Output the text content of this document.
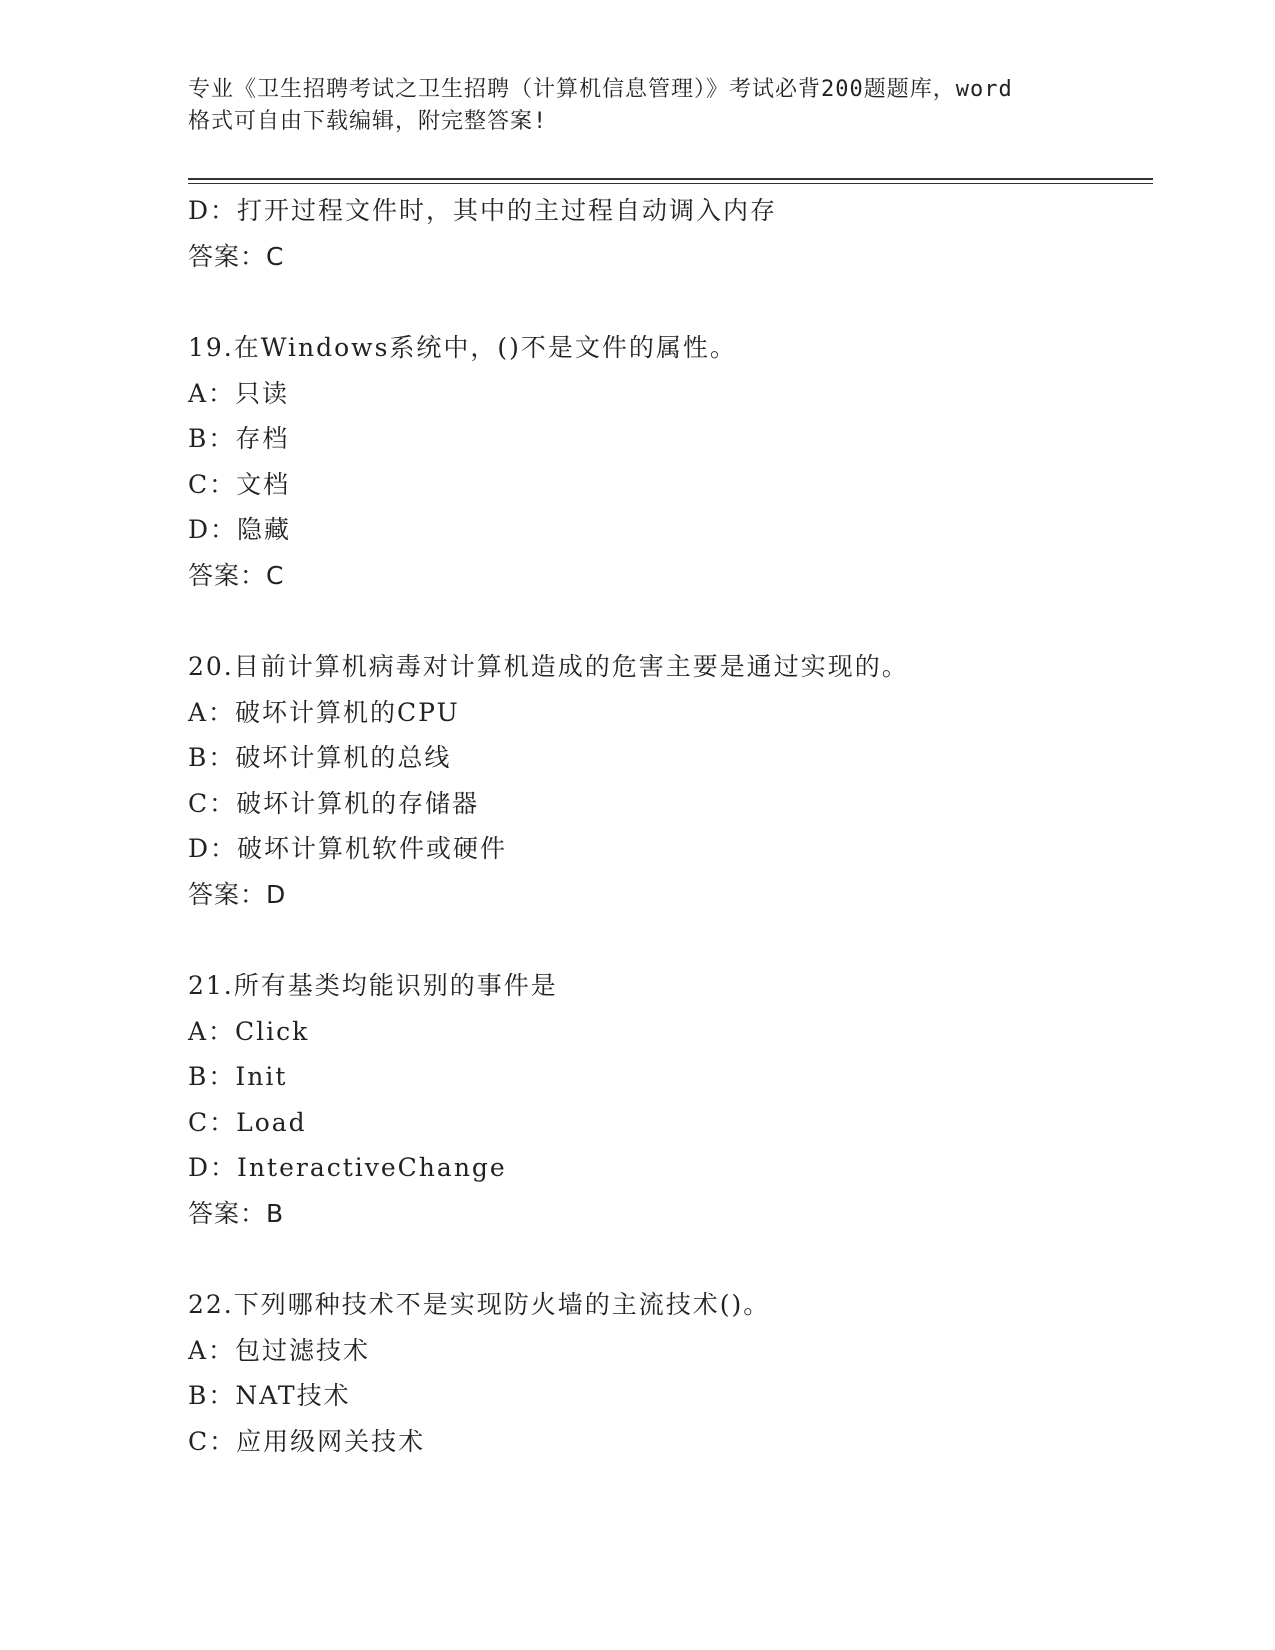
专业《卫生招聘考试之卫生招聘（计算机信息管理）》考试必背200题题库，word
格式可自由下载编辑，附完整答案!
D：打开过程文件时，其中的主过程自动调入内存
答案：C
19.在Windows系统中，()不是文件的属性。
A：只读
B：存档
C：文档
D：隐藏
答案：C
20.目前计算机病毒对计算机造成的危害主要是通过实现的。
A：破坏计算机的CPU
B：破坏计算机的总线
C：破坏计算机的存储器
D：破坏计算机软件或硬件
答案：D
21.所有基类均能识别的事件是
A：Click
B：Init
C：Load
D：InteractiveChange
答案：B
22.下列哪种技术不是实现防火墙的主流技术()。
A：包过滤技术
B：NAT技术
C：应用级网关技术
